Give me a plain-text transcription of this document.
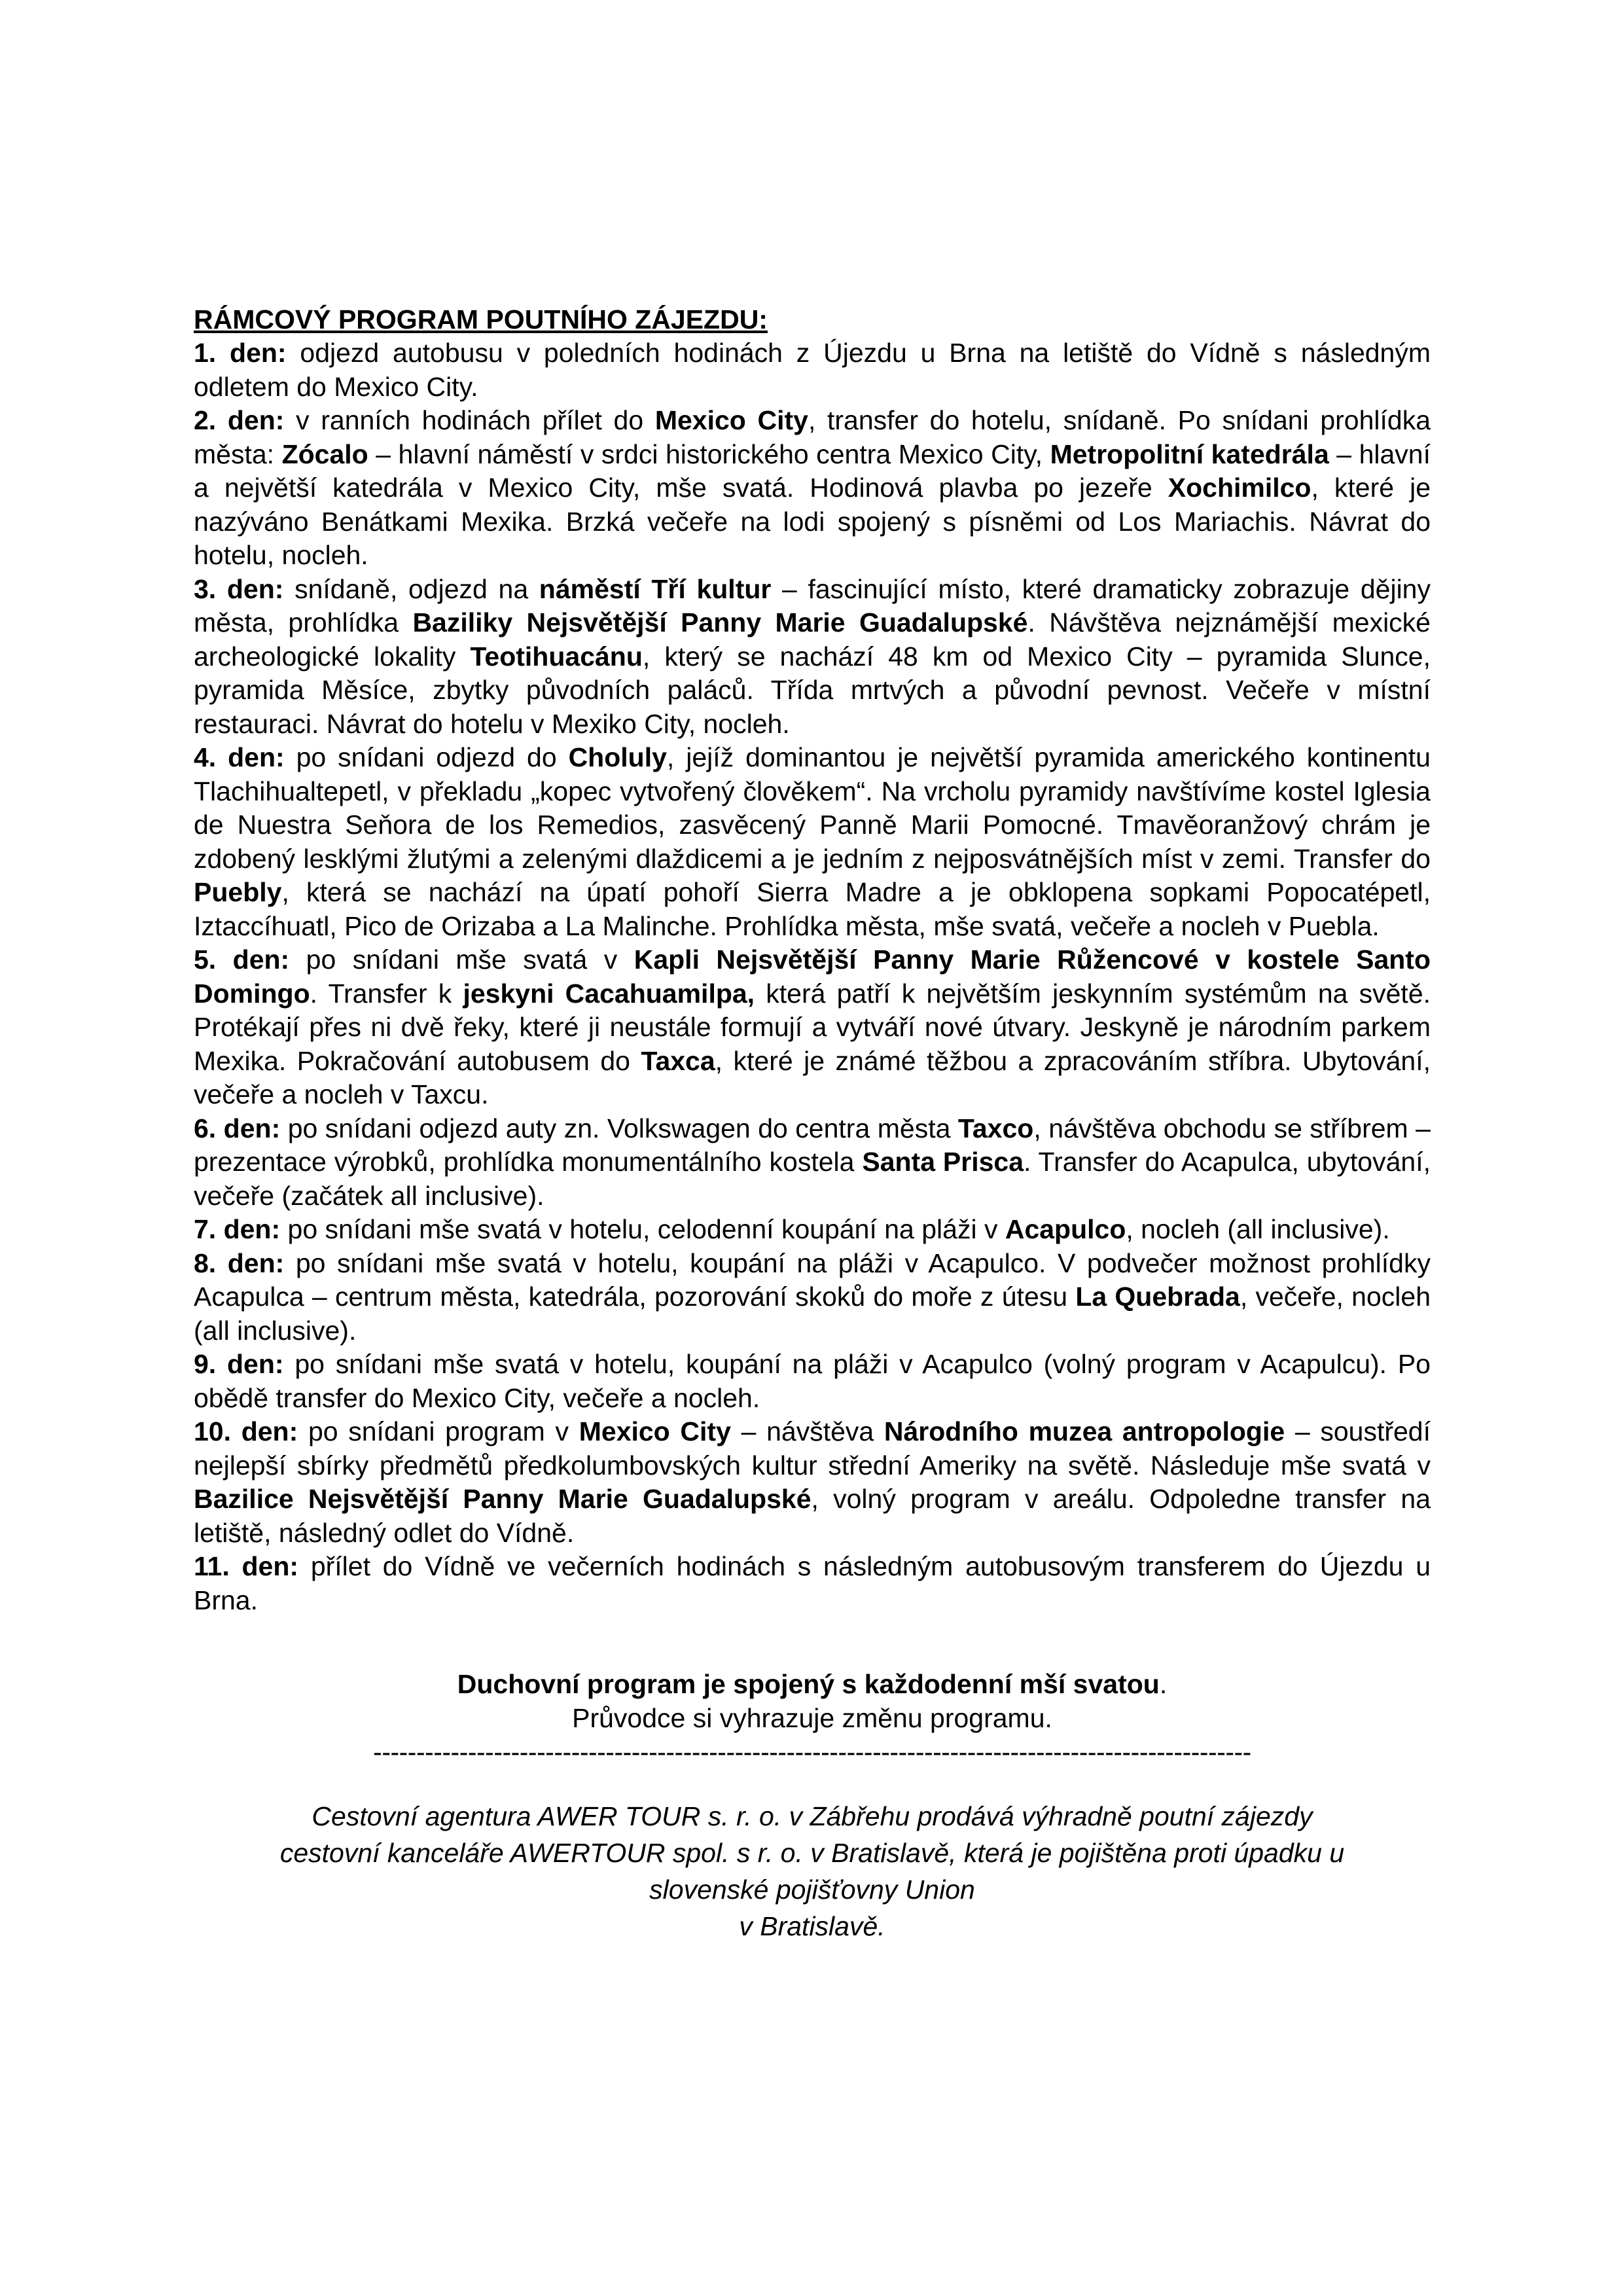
RÁMCOVÝ PROGRAM POUTNÍHO ZÁJEZDU:

1. den: odjezd autobusu v poledních hodinách z Újezdu u Brna na letiště do Vídně s následným odletem do Mexico City.

2. den: v ranních hodinách přílet do Mexico City, transfer do hotelu, snídaně. Po snídani prohlídka města: Zócalo – hlavní náměstí v srdci historického centra Mexico City, Metropolitní katedrála – hlavní a největší katedrála v Mexico City, mše svatá. Hodinová plavba po jezeře Xochimilco, které je nazýváno Benátkami Mexika. Brzká večeře na lodi spojený s písněmi od Los Mariachis. Návrat do hotelu, nocleh.

3. den: snídaně, odjezd na náměstí Tří kultur – fascinující místo, které dramaticky zobrazuje dějiny města, prohlídka Baziliky Nejsvětější Panny Marie Guadalupské. Návštěva nejznámější mexické archeologické lokality Teotihuacánu, který se nachází 48 km od Mexico City – pyramida Slunce, pyramida Měsíce, zbytky původních paláců. Třída mrtvých a původní pevnost. Večeře v místní restauraci. Návrat do hotelu v Mexiko City, nocleh.

4. den: po snídani odjezd do Choluly, jejíž dominantou je největší pyramida amerického kontinentu Tlachihualtepetl, v překladu „kopec vytvořený člověkem“. Na vrcholu pyramidy navštívíme kostel Iglesia de Nuestra Seňora de los Remedios, zasvěcený Panně Marii Pomocné. Tmavěoranžový chrám je zdobený lesklými žlutými a zelenými dlaždicemi a je jedním z nejposvátnějších míst v zemi. Transfer do Puebly, která se nachází na úpatí pohoří Sierra Madre a je obklopena sopkami Popocatépetl, Iztaccíhuatl, Pico de Orizaba a La Malinche. Prohlídka města, mše svatá, večeře a nocleh v Puebla.

5. den: po snídani mše svatá v Kapli Nejsvětější Panny Marie Růžencové v kostele Santo Domingo. Transfer k jeskyni Cacahuamilpa, která patří k největším jeskynním systémům na světě. Protékají přes ni dvě řeky, které ji neustále formují a vytváří nové útvary. Jeskyně je národním parkem Mexika. Pokračování autobusem do Taxca, které je známé těžbou a zpracováním stříbra. Ubytování, večeře a nocleh v Taxcu.

6. den: po snídani odjezd auty zn. Volkswagen do centra města Taxco, návštěva obchodu se stříbrem – prezentace výrobků, prohlídka monumentálního kostela Santa Prisca. Transfer do Acapulca, ubytování, večeře (začátek all inclusive).

7. den: po snídani mše svatá v hotelu, celodenní koupání na pláži v Acapulco, nocleh (all inclusive).

8. den: po snídani mše svatá v hotelu, koupání na pláži v Acapulco. V podvečer možnost prohlídky Acapulca – centrum města, katedrála, pozorování skoků do moře z útesu La Quebrada, večeře, nocleh (all inclusive).

9. den: po snídani mše svatá v hotelu, koupání na pláži v Acapulco (volný program v Acapulcu). Po obědě transfer do Mexico City, večeře a nocleh.

10. den: po snídani program v Mexico City – návštěva Národního muzea antropologie – soustředí nejlepší sbírky předmětů předkolumbovských kultur střední Ameriky na světě. Následuje mše svatá v Bazilice Nejsvětější Panny Marie Guadalupské, volný program v areálu. Odpoledne transfer na letiště, následný odlet do Vídně.

11. den: přílet do Vídně ve večerních hodinách s následným autobusovým transferem do Újezdu u Brna.

Duchovní program je spojený s každodenní mší svatou.
Průvodce si vyhrazuje změnu programu.
------------------------------------------------------------------------------------------------------
Cestovní agentura AWER TOUR s. r. o. v Zábřehu prodává výhradně poutní zájezdy
cestovní kanceláře AWERTOUR spol. s r. o. v Bratislavě, která je pojištěna proti úpadku u
slovenské pojišťovny Union
v Bratislavě.
